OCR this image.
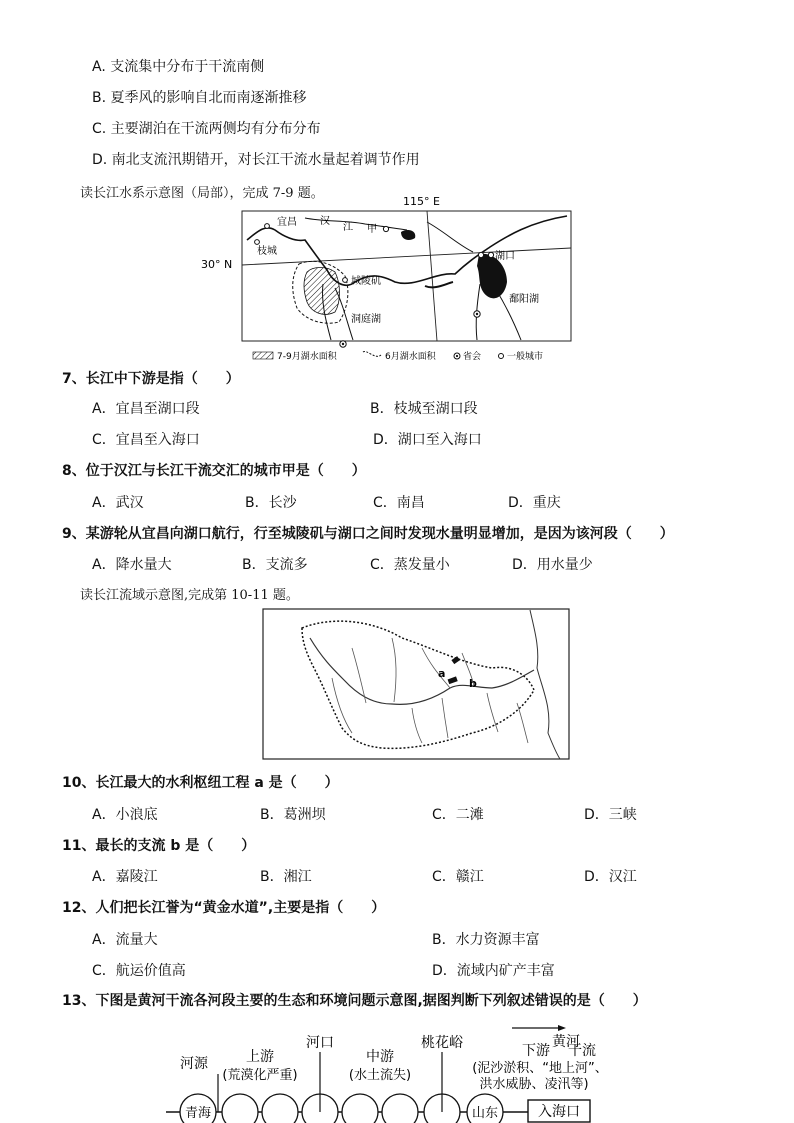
A. 支流集中分布于干流南侧
B. 夏季风的影响自北而南逐渐推移
C. 主要湖泊在干流两侧均有分布分布
D. 南北支流汛期错开，对长江干流水量起着调节作用
读长江水系示意图（局部），完成 7-9 题。
115° E
30° N
宜昌
枝城
汉
江 甲
湖口
城陵矶
洞庭湖
鄱阳湖
7-9月湖水面积	6月湖水面积	省会	一般城市
7、长江中下游是指（　　）
A．宜昌至湖口段	B．枝城至湖口段
C．宜昌至入海口	D．湖口至入海口
8、位于汉江与长江干流交汇的城市甲是（　　）
A．武汉	B．长沙	C．南昌	D．重庆
9、某游轮从宜昌向湖口航行，行至城陵矶与湖口之间时发现水量明显增加，是因为该河段（　　）
A．降水量大	B．支流多	C．蒸发量小	D．用水量少
读长江流域示意图,完成第 10-11 题。
a
b
10、长江最大的水利枢纽工程 a 是（　　）
A．小浪底	B．葛洲坝	C．二滩	D．三峡
11、最长的支流 b 是（　　）
A．嘉陵江	B．湘江	C．赣江	D．汉江
12、人们把长江誉为“黄金水道”,主要是指（　　）
A．流量大	B．水力资源丰富
C．航运价值高	D．流域内矿产丰富
13、下图是黄河干流各河段主要的生态和环境问题示意图,据图判断下列叙述错误的是（　　）
入海口
河源	上游
(荒漠化严重)
河口
中游
(水土流失)
桃花峪	黄河
下游 干流
(泥沙淤积、“地上河”、
洪水威胁、凌汛等)
青海	山东
